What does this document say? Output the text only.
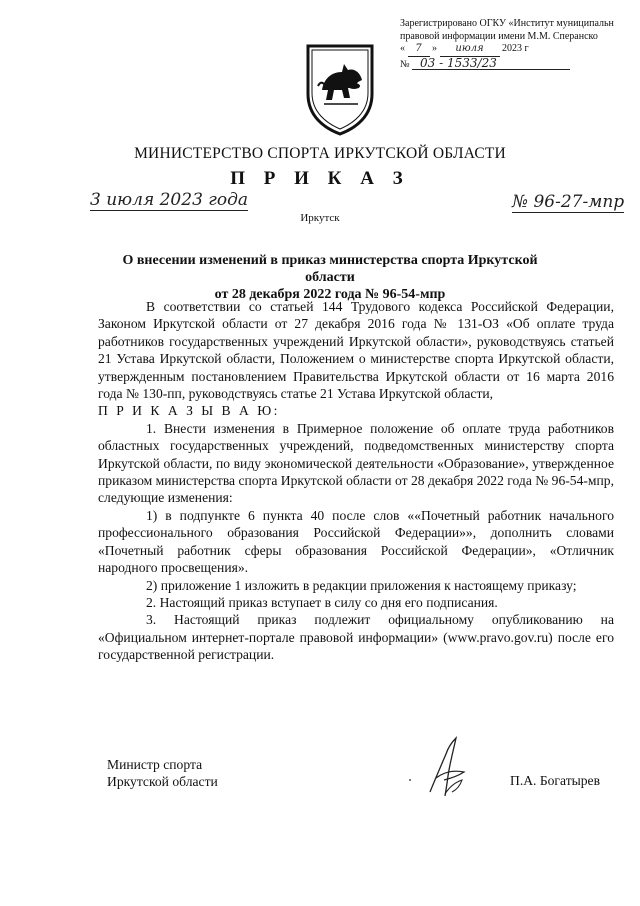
Зарегистрировано ОГКУ «Институт муниципальн
правовой информации имени М.М. Сперанско
« 7 » июля 2023 г
№ 03 - 1533/23
МИНИСТЕРСТВО СПОРТА ИРКУТСКОЙ ОБЛАСТИ
П Р И К А З
3 июля 2023 года	№ 96-27-мпр
Иркутск
О внесении изменений в приказ министерства спорта Иркутской области
от 28 декабря 2022 года № 96-54-мпр

В соответствии со статьей 144 Трудового кодекса Российской Федерации, Законом Иркутской области от 27 декабря 2016 года № 131-ОЗ «Об оплате труда работников государственных учреждений Иркутской области», руководствуясь статьей 21 Устава Иркутской области, Положением о министерстве спорта Иркутской области, утвержденным постановлением Правительства Иркутской области от 16 марта 2016 года № 130-пп, руководствуясь статье 21 Устава Иркутской области,

П Р И К А З Ы В А Ю:

1. Внести изменения в Примерное положение об оплате труда работников областных государственных учреждений, подведомственных министерству спорта Иркутской области, по виду экономической деятельности «Образование», утвержденное приказом министерства спорта Иркутской области от 28 декабря 2022 года № 96-54-мпр, следующие изменения:

1) в подпункте 6 пункта 40 после слов ««Почетный работник начального профессионального образования Российской Федерации»», дополнить словами «Почетный работник сферы образования Российской Федерации», «Отличник народного просвещения».

2) приложение 1 изложить в редакции приложения к настоящему приказу;

2. Настоящий приказ вступает в силу со дня его подписания.

3. Настоящий приказ подлежит официальному опубликованию на «Официальном интернет-портале правовой информации» (www.pravo.gov.ru) после его государственной регистрации.

Министр спорта
Иркутской области	П.А. Богатырев
